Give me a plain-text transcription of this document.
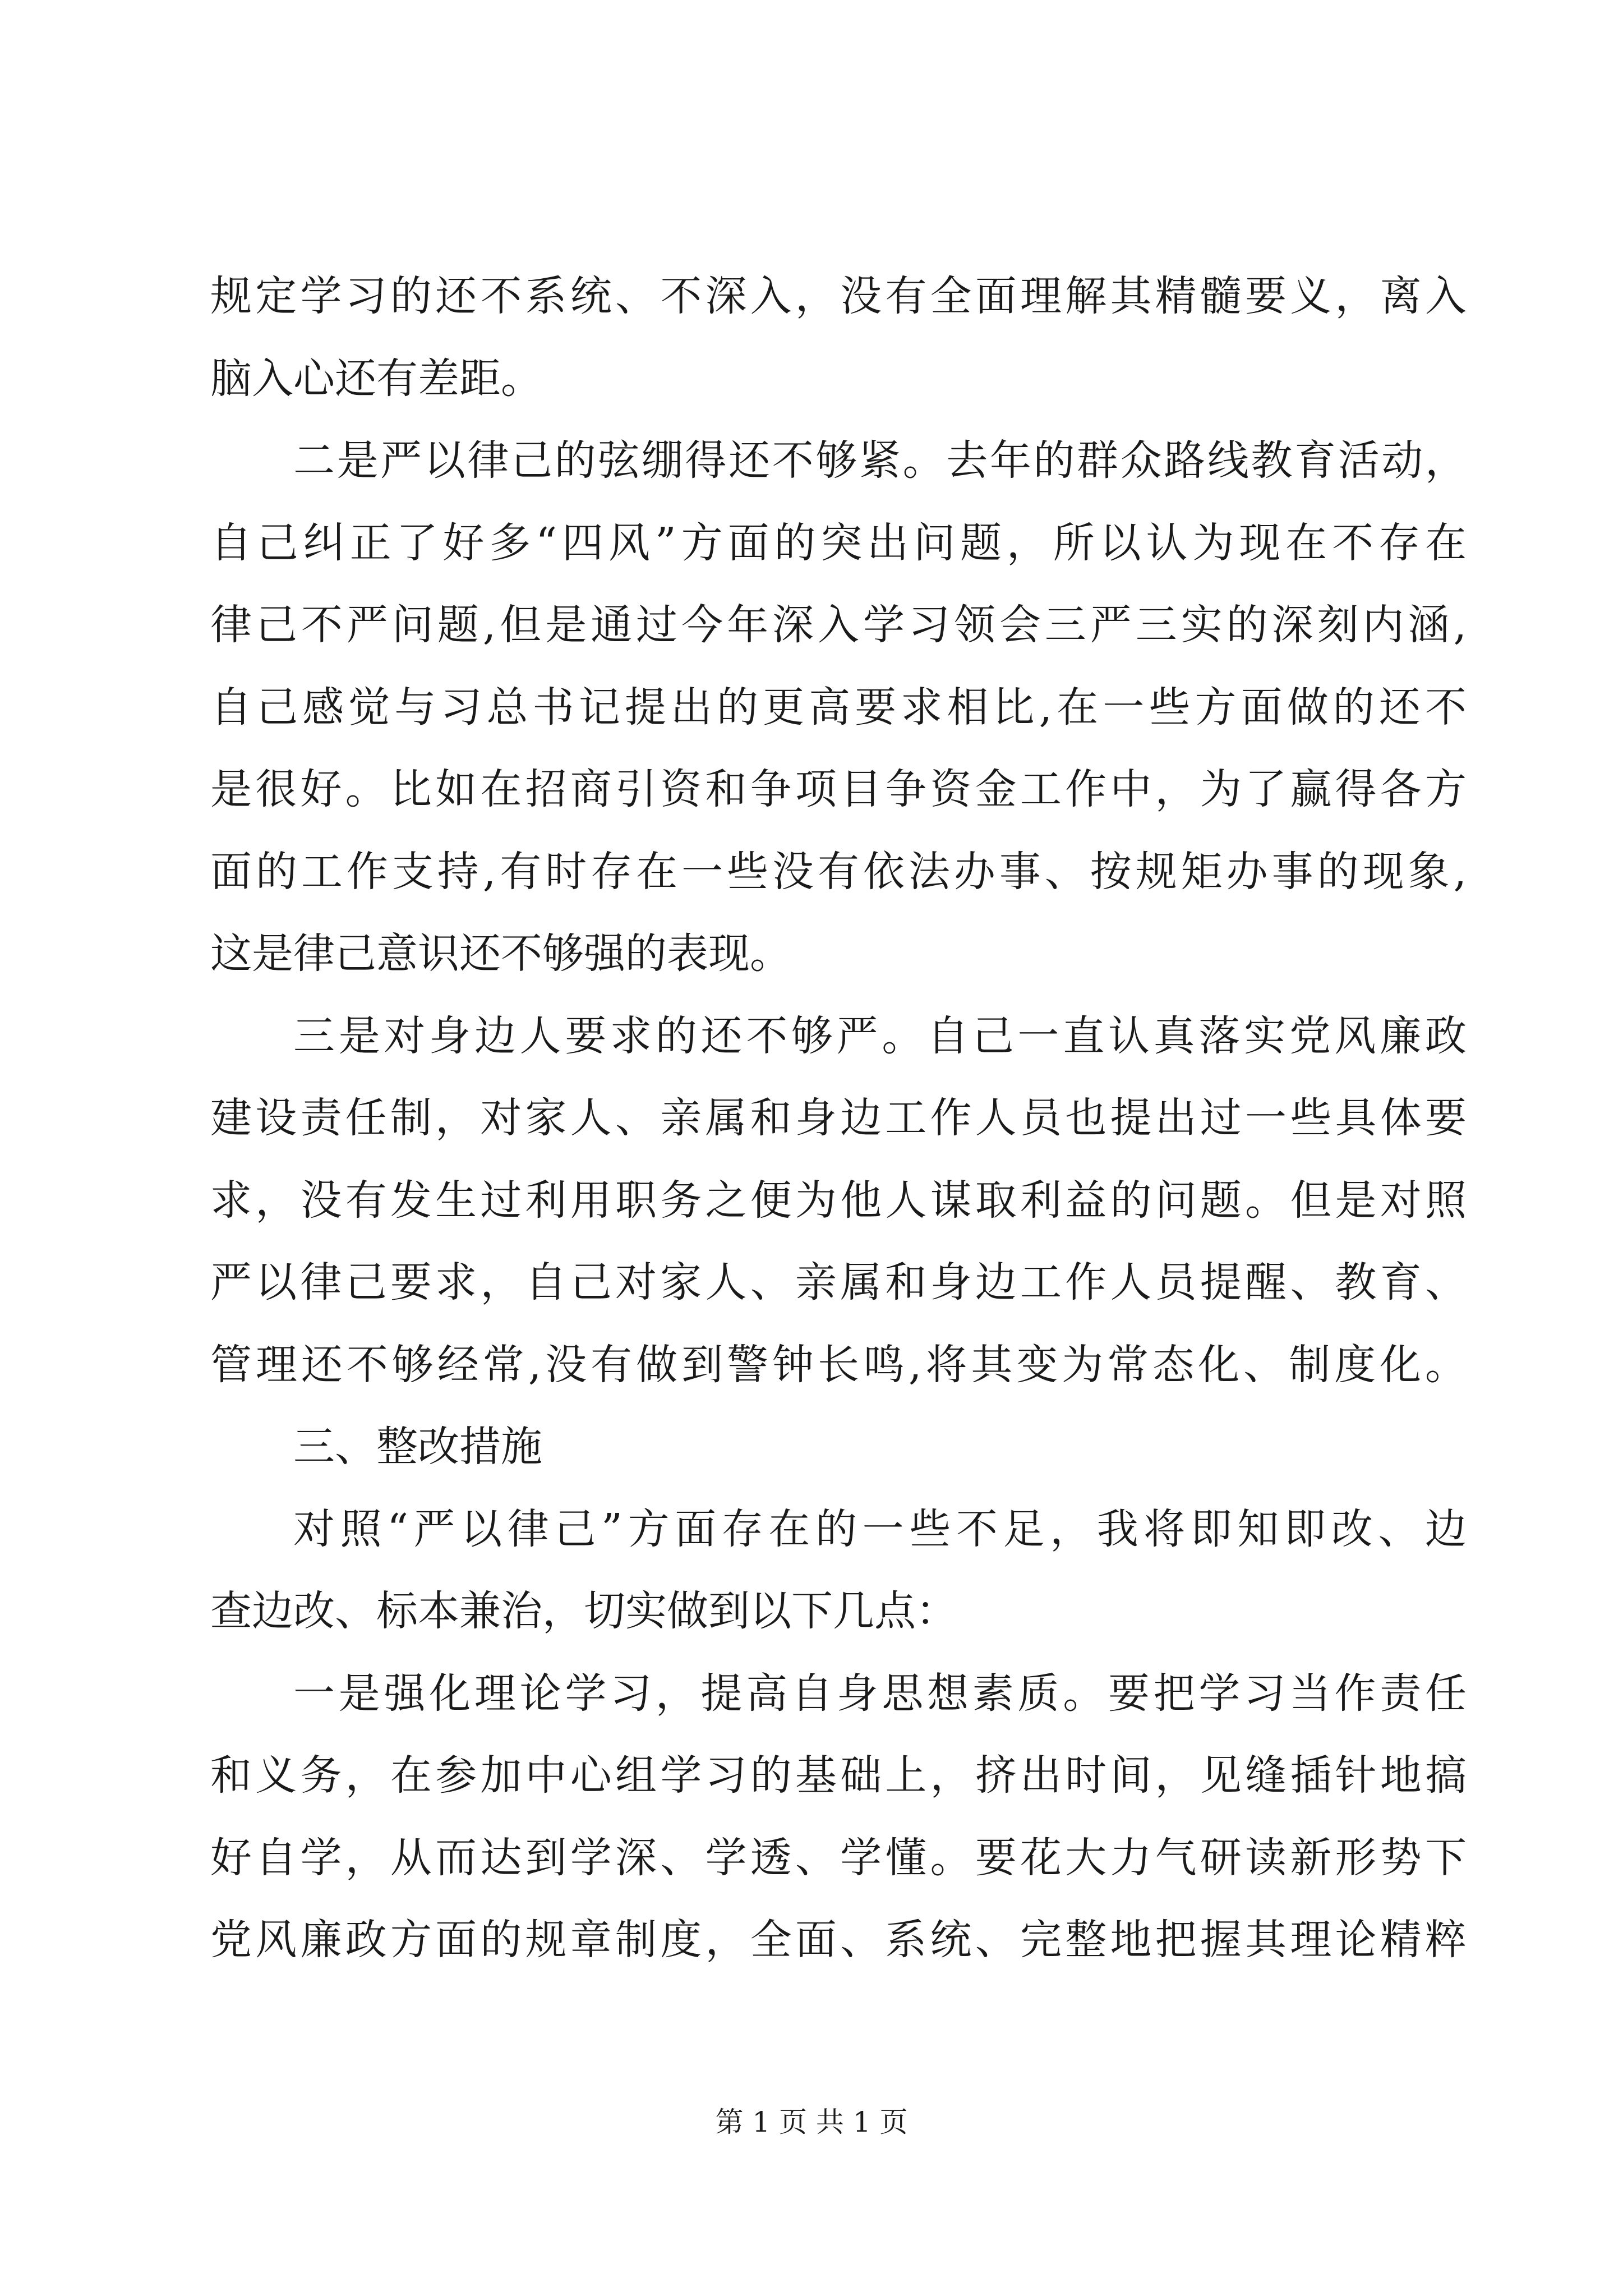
规定学习的还不系统、不深入，没有全面理解其精髓要义，离入
脑入心还有差距。
二是严以律己的弦绷得还不够紧。去年的群众路线教育活动，
自己纠正了好多“四风”方面的突出问题，所以认为现在不存在
律己不严问题,但是通过今年深入学习领会三严三实的深刻内涵,
自己感觉与习总书记提出的更高要求相比,在一些方面做的还不
是很好。比如在招商引资和争项目争资金工作中，为了赢得各方
面的工作支持,有时存在一些没有依法办事、按规矩办事的现象,
这是律己意识还不够强的表现。
三是对身边人要求的还不够严。自己一直认真落实党风廉政
建设责任制，对家人、亲属和身边工作人员也提出过一些具体要
求，没有发生过利用职务之便为他人谋取利益的问题。但是对照
严以律己要求，自己对家人、亲属和身边工作人员提醒、教育、
管理还不够经常,没有做到警钟长鸣,将其变为常态化、制度化。
三、整改措施
对照“严以律己”方面存在的一些不足，我将即知即改、边
查边改、标本兼治，切实做到以下几点：
一是强化理论学习，提高自身思想素质。要把学习当作责任
和义务，在参加中心组学习的基础上，挤出时间，见缝插针地搞
好自学，从而达到学深、学透、学懂。要花大力气研读新形势下
党风廉政方面的规章制度，全面、系统、完整地把握其理论精粹
第 1 页 共 1 页
